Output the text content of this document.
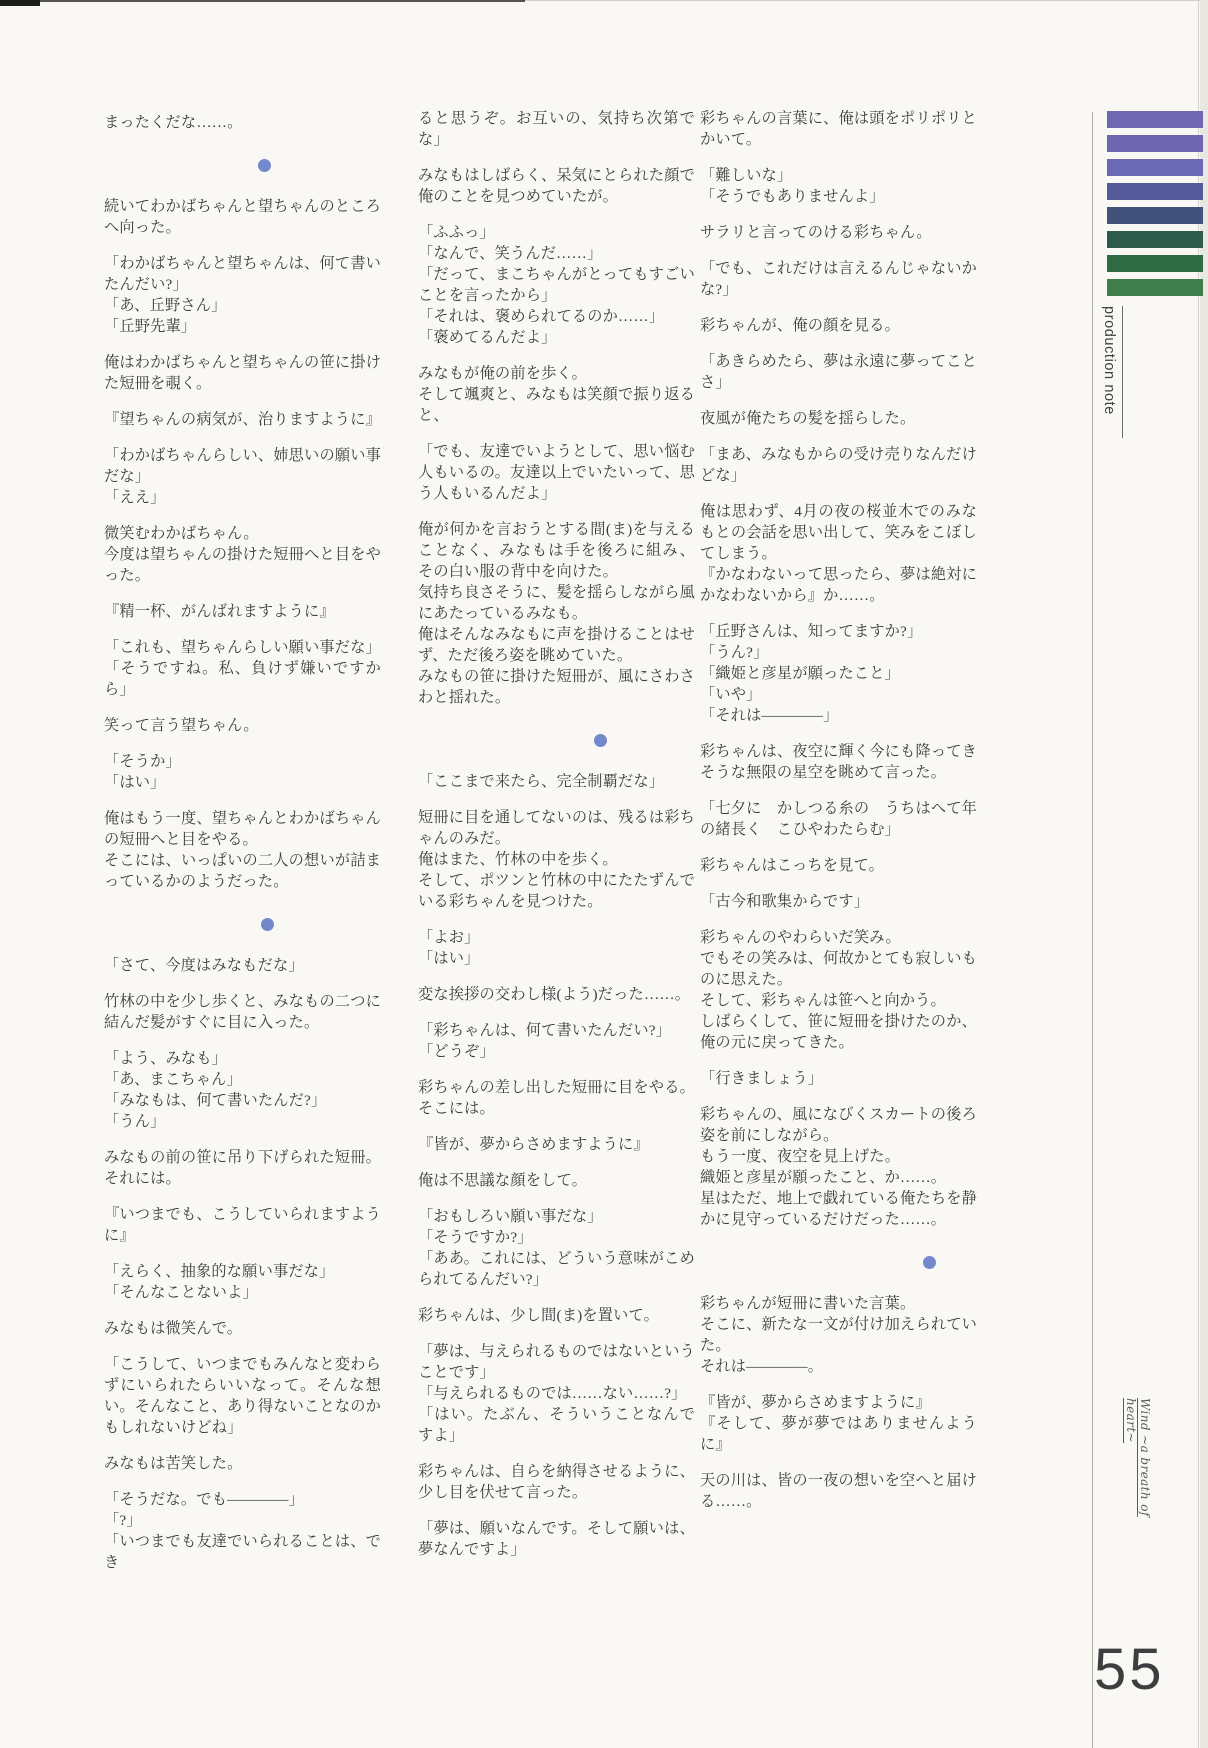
まったくだな……。

続いてわかばちゃんと望ちゃんのところへ向った。

「わかばちゃんと望ちゃんは、何て書いたんだい?」

「あ、丘野さん」

「丘野先輩」

俺はわかばちゃんと望ちゃんの笹に掛けた短冊を覗く。

『望ちゃんの病気が、治りますように』

「わかばちゃんらしい、姉思いの願い事だな」

「ええ」

微笑むわかばちゃん。

今度は望ちゃんの掛けた短冊へと目をやった。

『精一杯、がんばれますように』

「これも、望ちゃんらしい願い事だな」

「そうですね。私、負けず嫌いですから」

笑って言う望ちゃん。

「そうか」

「はい」

俺はもう一度、望ちゃんとわかばちゃんの短冊へと目をやる。

そこには、いっぱいの二人の想いが詰まっているかのようだった。

「さて、今度はみなもだな」

竹林の中を少し歩くと、みなもの二つに結んだ髪がすぐに目に入った。

「よう、みなも」

「あ、まこちゃん」

「みなもは、何て書いたんだ?」

「うん」

みなもの前の笹に吊り下げられた短冊。

それには。

『いつまでも、こうしていられますように』

「えらく、抽象的な願い事だな」

「そんなことないよ」

みなもは微笑んで。

「こうして、いつまでもみんなと変わらずにいられたらいいなって。そんな想い。そんなこと、あり得ないことなのかもしれないけどね」

みなもは苦笑した。

「そうだな。でも――――」

「?」

「いつまでも友達でいられることは、でき

ると思うぞ。お互いの、気持ち次第でな」

みなもはしばらく、呆気にとられた顔で俺のことを見つめていたが。

「ふふっ」

「なんで、笑うんだ……」

「だって、まこちゃんがとってもすごいことを言ったから」

「それは、褒められてるのか……」

「褒めてるんだよ」

みなもが俺の前を歩く。

そして颯爽と、みなもは笑顔で振り返ると、

「でも、友達でいようとして、思い悩む人もいるの。友達以上でいたいって、思う人もいるんだよ」

俺が何かを言おうとする間(ま)を与えることなく、みなもは手を後ろに組み、その白い服の背中を向けた。

気持ち良さそうに、髪を揺らしながら風にあたっているみなも。

俺はそんなみなもに声を掛けることはせず、ただ後ろ姿を眺めていた。

みなもの笹に掛けた短冊が、風にさわさわと揺れた。

「ここまで来たら、完全制覇だな」

短冊に目を通してないのは、残るは彩ちゃんのみだ。

俺はまた、竹林の中を歩く。

そして、ポツンと竹林の中にたたずんでいる彩ちゃんを見つけた。

「よお」

「はい」

変な挨拶の交わし様(よう)だった……。

「彩ちゃんは、何て書いたんだい?」

「どうぞ」

彩ちゃんの差し出した短冊に目をやる。

そこには。

『皆が、夢からさめますように』

俺は不思議な顔をして。

「おもしろい願い事だな」

「そうですか?」

「ああ。これには、どういう意味がこめられてるんだい?」

彩ちゃんは、少し間(ま)を置いて。

「夢は、与えられるものではないということです」

「与えられるものでは……ない……?」

「はい。たぶん、そういうことなんですよ」

彩ちゃんは、自らを納得させるように、少し目を伏せて言った。

「夢は、願いなんです。そして願いは、夢なんですよ」

彩ちゃんの言葉に、俺は頭をポリポリとかいて。

「難しいな」

「そうでもありませんよ」

サラリと言ってのける彩ちゃん。

「でも、これだけは言えるんじゃないかな?」

彩ちゃんが、俺の顔を見る。

「あきらめたら、夢は永遠に夢ってことさ」

夜風が俺たちの髪を揺らした。

「まあ、みなもからの受け売りなんだけどな」

俺は思わず、4月の夜の桜並木でのみなもとの会話を思い出して、笑みをこぼしてしまう。

『かなわないって思ったら、夢は絶対にかなわないから』か……。

「丘野さんは、知ってますか?」

「うん?」

「織姫と彦星が願ったこと」

「いや」

「それは――――」

彩ちゃんは、夜空に輝く今にも降ってきそうな無限の星空を眺めて言った。

「七夕に　かしつる糸の　うちはへて年の緒長く　こひやわたらむ」

彩ちゃんはこっちを見て。

「古今和歌集からです」

彩ちゃんのやわらいだ笑み。

でもその笑みは、何故かとても寂しいものに思えた。

そして、彩ちゃんは笹へと向かう。

しばらくして、笹に短冊を掛けたのか、俺の元に戻ってきた。

「行きましょう」

彩ちゃんの、風になびくスカートの後ろ姿を前にしながら。

もう一度、夜空を見上げた。

織姫と彦星が願ったこと、か……。

星はただ、地上で戯れている俺たちを静かに見守っているだけだった……。

彩ちゃんが短冊に書いた言葉。

そこに、新たな一文が付け加えられていた。

それは――――。

『皆が、夢からさめますように』

『そして、夢が夢ではありませんように』

天の川は、皆の一夜の想いを空へと届ける……。

production note
Wind ~a breath of heart~
55
